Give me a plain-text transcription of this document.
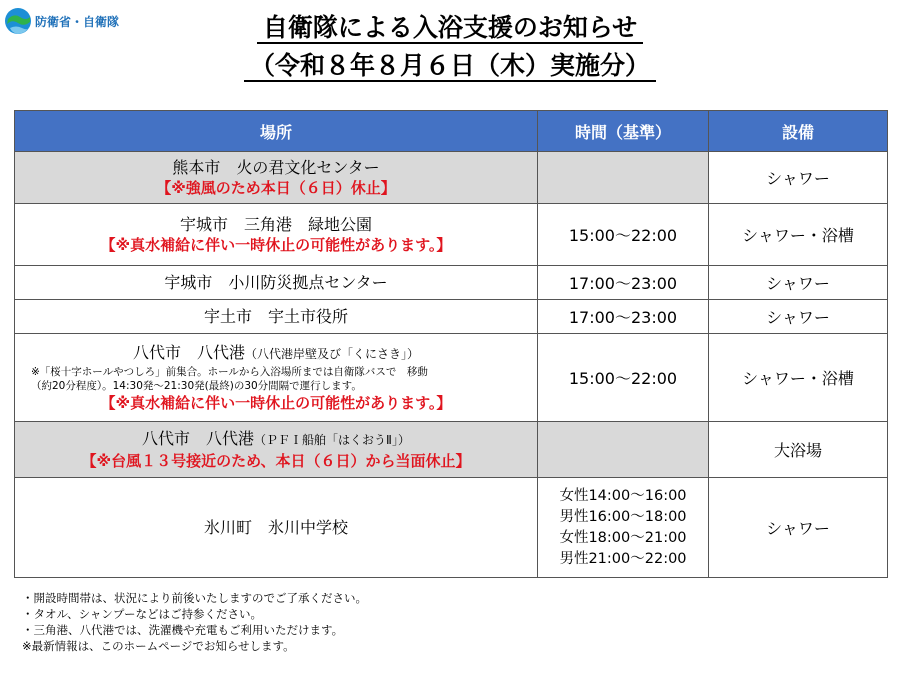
防衛省・自衛隊	自衛隊による入浴支援のお知らせ
（令和８年８月６日（木）実施分）
場所	時間（基準）	設備

熊本市　火の君文化センター
【※強風のため本日（６日）休止】		シャワー

宇城市　三角港　緑地公園
【※真水補給に伴い一時休止の可能性があります。】	15:00～22:00	シャワー・浴槽
宇城市　小川防災拠点センター	17:00～23:00	シャワー
宇土市　宇土市役所	17:00～23:00	シャワー

八代市　八代港（八代港岸壁及び「くにさき」）
※「桜十字ホールやつしろ」前集合。ホールから入浴場所までは自衛隊バスで　移動
（約20分程度）。14:30発～21:30発(最終)の30分間隔で運行します。
【※真水補給に伴い一時休止の可能性があります。】	15:00～22:00	シャワー・浴槽

八代市　八代港（ＰＦＩ船舶「はくおうⅡ」）
【※台風１３号接近のため、本日（６日）から当面休止】		大浴場
氷川町　氷川中学校	女性14:00～16:00
男性16:00～18:00
女性18:00～21:00
男性21:00～22:00	シャワー
・開設時間帯は、状況により前後いたしますのでご了承ください。
・タオル、シャンプーなどはご持参ください。
・三角港、八代港では、洗濯機や充電もご利用いただけます。
※最新情報は、このホームページでお知らせします。
